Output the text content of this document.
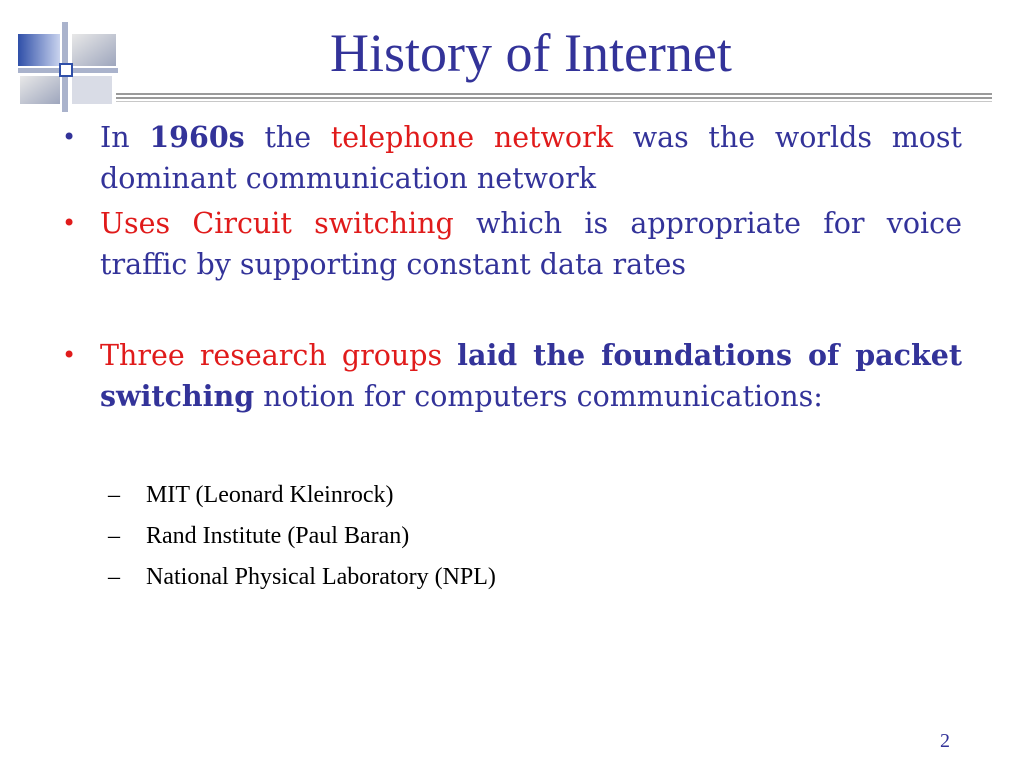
History of Internet
• In 1960s the telephone network was the worlds most dominant communication network
• Uses Circuit switching which is appropriate for voice traffic by supporting constant data rates
• Three research groups laid the foundations of packet switching notion for computers communications:
– MIT (Leonard Kleinrock)
– Rand Institute (Paul Baran)
– National Physical Laboratory (NPL)
2
